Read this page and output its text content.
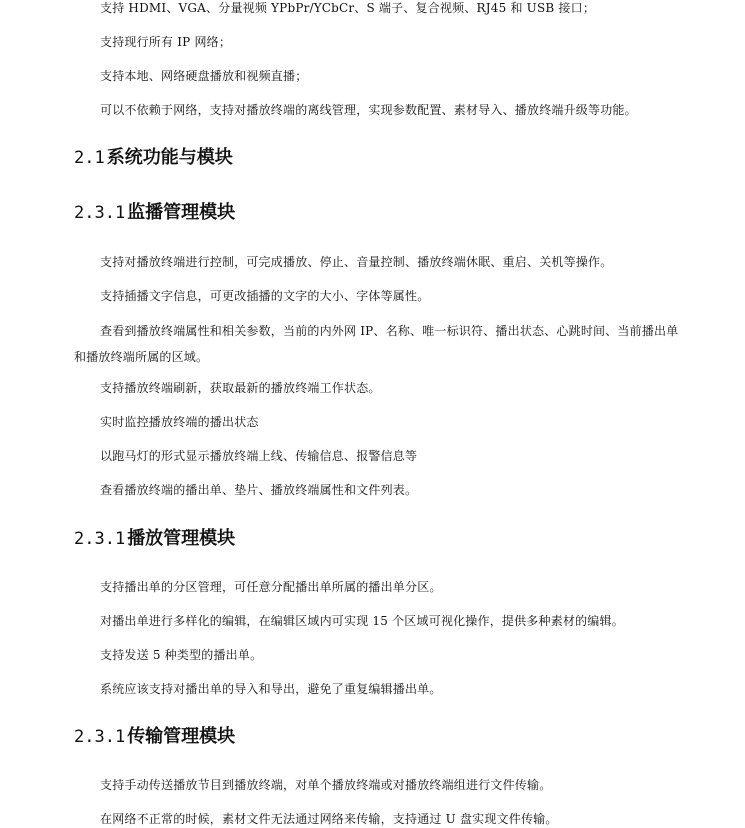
支持 HDMI、VGA、分量视频 YPbPr/YCbCr、S 端子、复合视频、RJ45 和 USB 接口；
支持现行所有 IP 网络；
支持本地、网络硬盘播放和视频直播；
可以不依赖于网络，支持对播放终端的离线管理，实现参数配置、素材导入、播放终端升级等功能。
2.1 系统功能与模块
2.3.1 监播管理模块
支持对播放终端进行控制，可完成播放、停止、音量控制、播放终端休眠、重启、关机等操作。
支持插播文字信息，可更改插播的文字的大小、字体等属性。
查看到播放终端属性和相关参数，当前的内外网 IP、名称、唯一标识符、播出状态、心跳时间、当前播出单和播放终端所属的区域。
支持播放终端刷新，获取最新的播放终端工作状态。
实时监控播放终端的播出状态
以跑马灯的形式显示播放终端上线、传输信息、报警信息等
查看播放终端的播出单、垫片、播放终端属性和文件列表。
2.3.1 播放管理模块
支持播出单的分区管理，可任意分配播出单所属的播出单分区。
对播出单进行多样化的编辑，在编辑区域内可实现 15 个区域可视化操作，提供多种素材的编辑。
支持发送 5 种类型的播出单。
系统应该支持对播出单的导入和导出，避免了重复编辑播出单。
2.3.1 传输管理模块
支持手动传送播放节目到播放终端，对单个播放终端或对播放终端组进行文件传输。
在网络不正常的时候，素材文件无法通过网络来传输，支持通过 U 盘实现文件传输。
